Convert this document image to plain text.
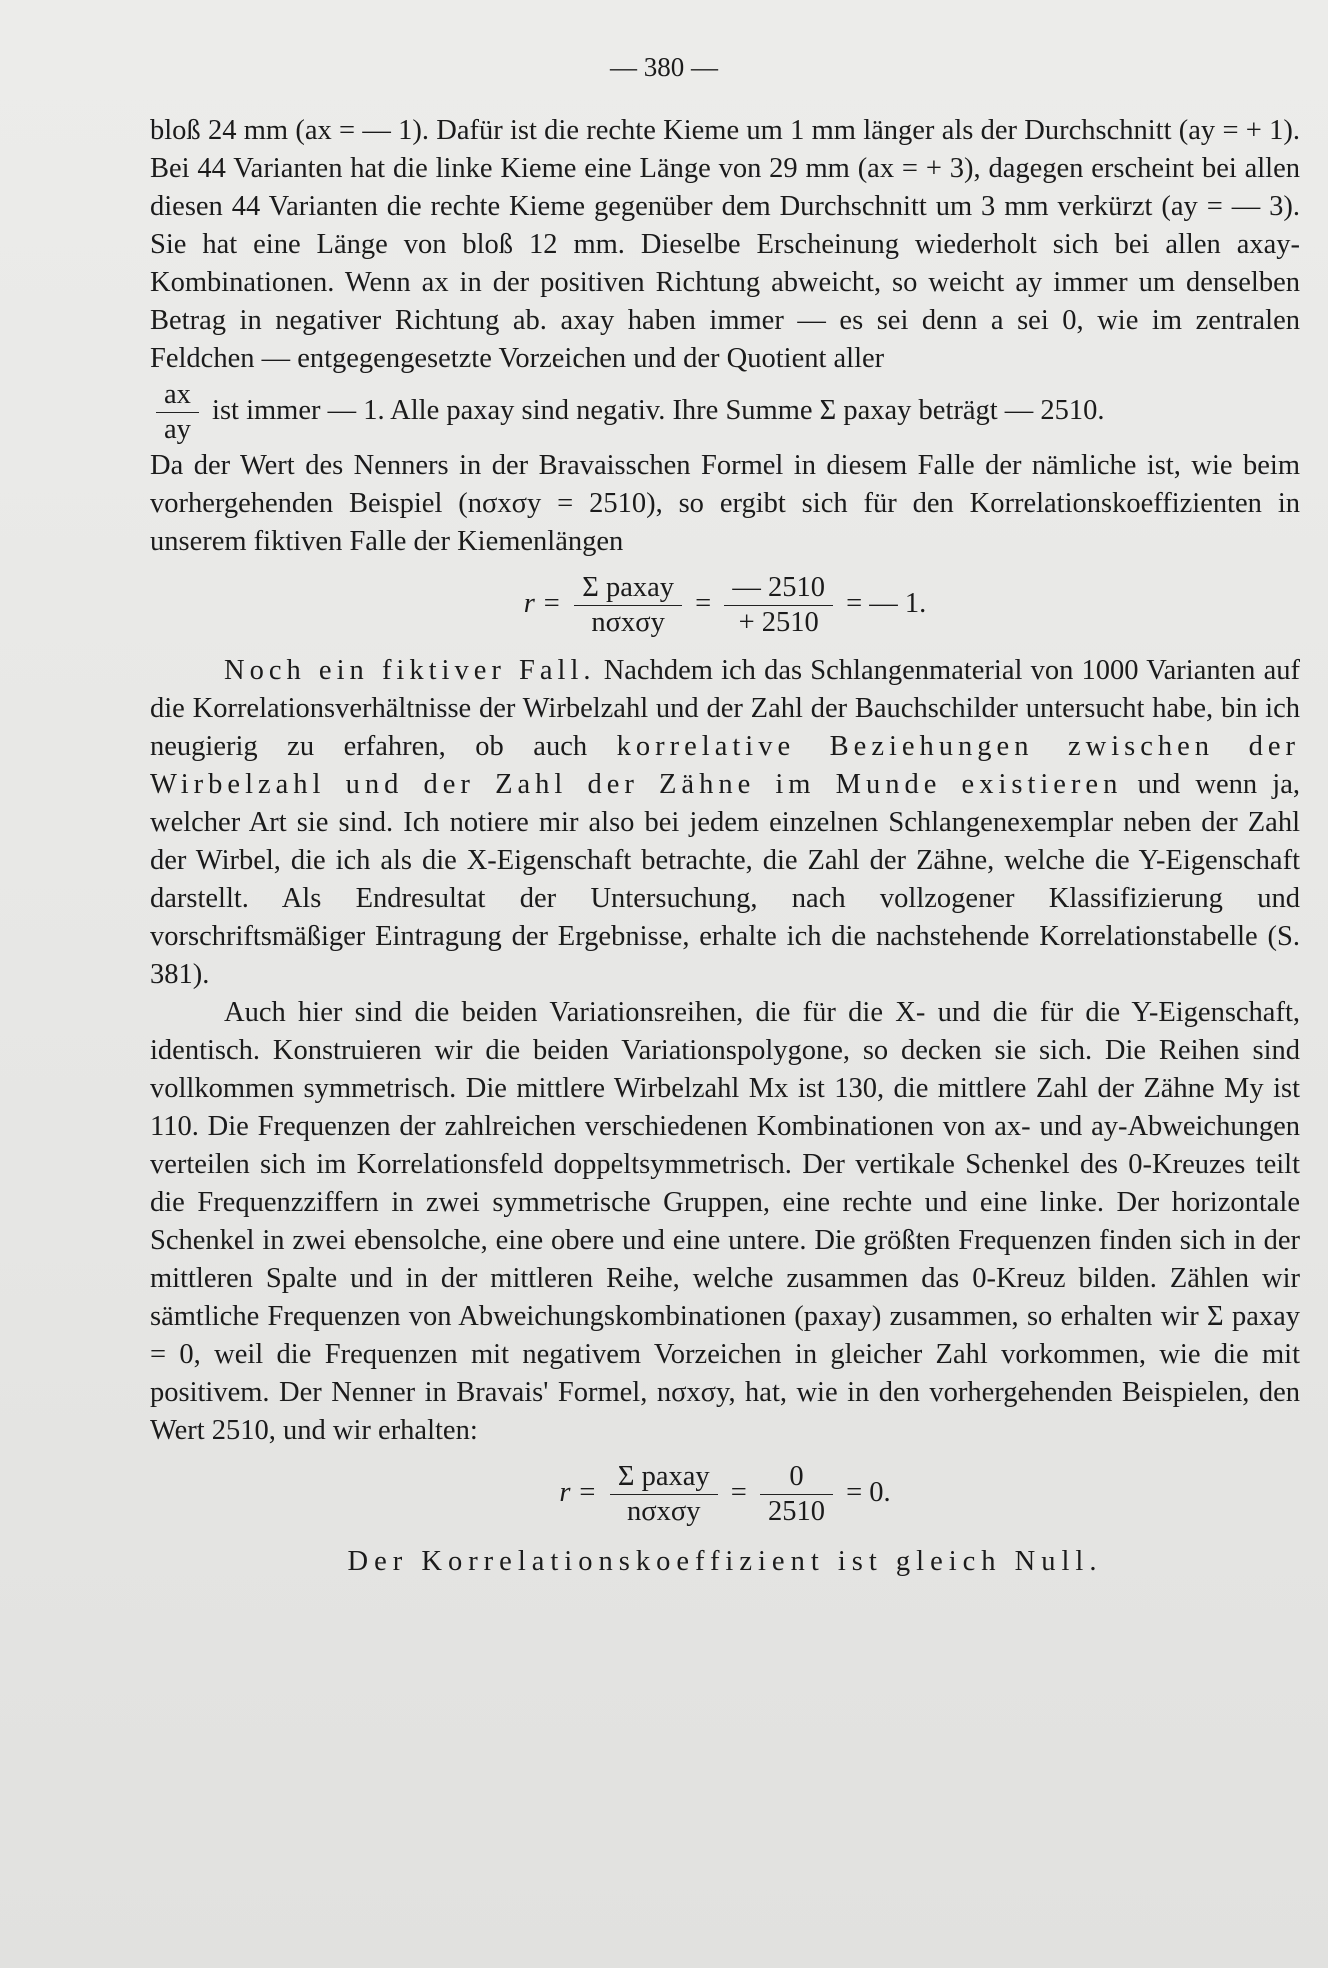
— 380 —

bloß 24 mm (ax = — 1). Dafür ist die rechte Kieme um 1 mm länger als der Durchschnitt (ay = + 1). Bei 44 Varianten hat die linke Kieme eine Länge von 29 mm (ax = + 3), dagegen erscheint bei allen diesen 44 Varianten die rechte Kieme gegenüber dem Durchschnitt um 3 mm verkürzt (ay = — 3). Sie hat eine Länge von bloß 12 mm. Dieselbe Erscheinung wiederholt sich bei allen axay-Kombinationen. Wenn ax in der positiven Richtung abweicht, so weicht ay immer um denselben Betrag in negativer Richtung ab. axay haben immer — es sei denn a sei 0, wie im zentralen Feldchen — entgegengesetzte Vorzeichen und der Quotient aller

$\frac{ax}{ay}$ ist immer — 1. Alle paxay sind negativ. Ihre Summe Σ paxay beträgt — 2510.

Da der Wert des Nenners in der Bravaisschen Formel in diesem Falle der nämliche ist, wie beim vorhergehenden Beispiel (nσxσy = 2510), so ergibt sich für den Korrelationskoeffizienten in unserem fiktiven Falle der Kiemenlängen

$r = \frac{\text{Σ paxay}}{\text{nσxσy}} = \frac{— 2510}{+ 2510}$ = — 1.

Noch ein fiktiver Fall. Nachdem ich das Schlangenmaterial von 1000 Varianten auf die Korrelationsverhältnisse der Wirbelzahl und der Zahl der Bauchschilder untersucht habe, bin ich neugierig zu erfahren, ob auch korrelative Beziehungen zwischen der Wirbelzahl und der Zahl der Zähne im Munde existieren und wenn ja, welcher Art sie sind. Ich notiere mir also bei jedem einzelnen Schlangenexemplar neben der Zahl der Wirbel, die ich als die X-Eigenschaft betrachte, die Zahl der Zähne, welche die Y-Eigenschaft darstellt. Als Endresultat der Untersuchung, nach vollzogener Klassifizierung und vorschriftsmäßiger Eintragung der Ergebnisse, erhalte ich die nachstehende Korrelationstabelle (S. 381).

Auch hier sind die beiden Variationsreihen, die für die X- und die für die Y-Eigenschaft, identisch. Konstruieren wir die beiden Variationspolygone, so decken sie sich. Die Reihen sind vollkommen symmetrisch. Die mittlere Wirbelzahl Mx ist 130, die mittlere Zahl der Zähne My ist 110. Die Frequenzen der zahlreichen verschiedenen Kombinationen von ax- und ay-Abweichungen verteilen sich im Korrelationsfeld doppeltsymmetrisch. Der vertikale Schenkel des 0-Kreuzes teilt die Frequenzziffern in zwei symmetrische Gruppen, eine rechte und eine linke. Der horizontale Schenkel in zwei ebensolche, eine obere und eine untere. Die größten Frequenzen finden sich in der mittleren Spalte und in der mittleren Reihe, welche zusammen das 0-Kreuz bilden. Zählen wir sämtliche Frequenzen von Abweichungskombinationen (paxay) zusammen, so erhalten wir Σ paxay = 0, weil die Frequenzen mit negativem Vorzeichen in gleicher Zahl vorkommen, wie die mit positivem. Der Nenner in Bravais' Formel, nσxσy, hat, wie in den vorhergehenden Beispielen, den Wert 2510, und wir erhalten:

$r = \frac{\text{Σ paxay}}{\text{nσxσy}} = \frac{0}{2510} = 0$.
Der Korrelationskoeffizient ist gleich Null.
